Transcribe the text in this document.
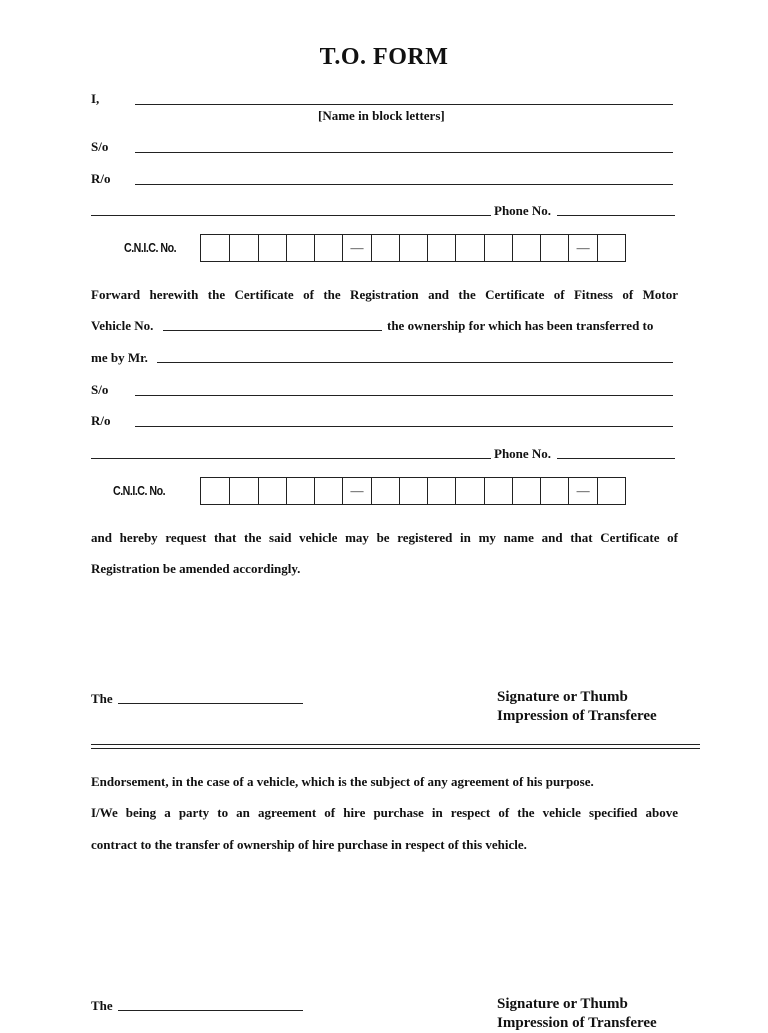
T.O. FORM
I,
[Name in block letters]
S/o
R/o
Phone No.
C.N.I.C. No.	—	—
Forward herewith the Certificate of the Registration and the Certificate of Fitness of Motor
Vehicle No.	the ownership for which has been transferred to
me by Mr.
S/o
R/o
Phone No.
C.N.I.C. No.	—	—
and hereby request that the said vehicle may be registered in my name and that Certificate of
Registration be amended accordingly.
The	Signature or Thumb
Impression of Transferee
Endorsement, in the case of a vehicle, which is the subject of any agreement of his purpose.
I/We being a party to an agreement of hire purchase in respect of the vehicle specified above
contract to the transfer of ownership of hire purchase in respect of this vehicle.
The	Signature or Thumb
Impression of Transferee
